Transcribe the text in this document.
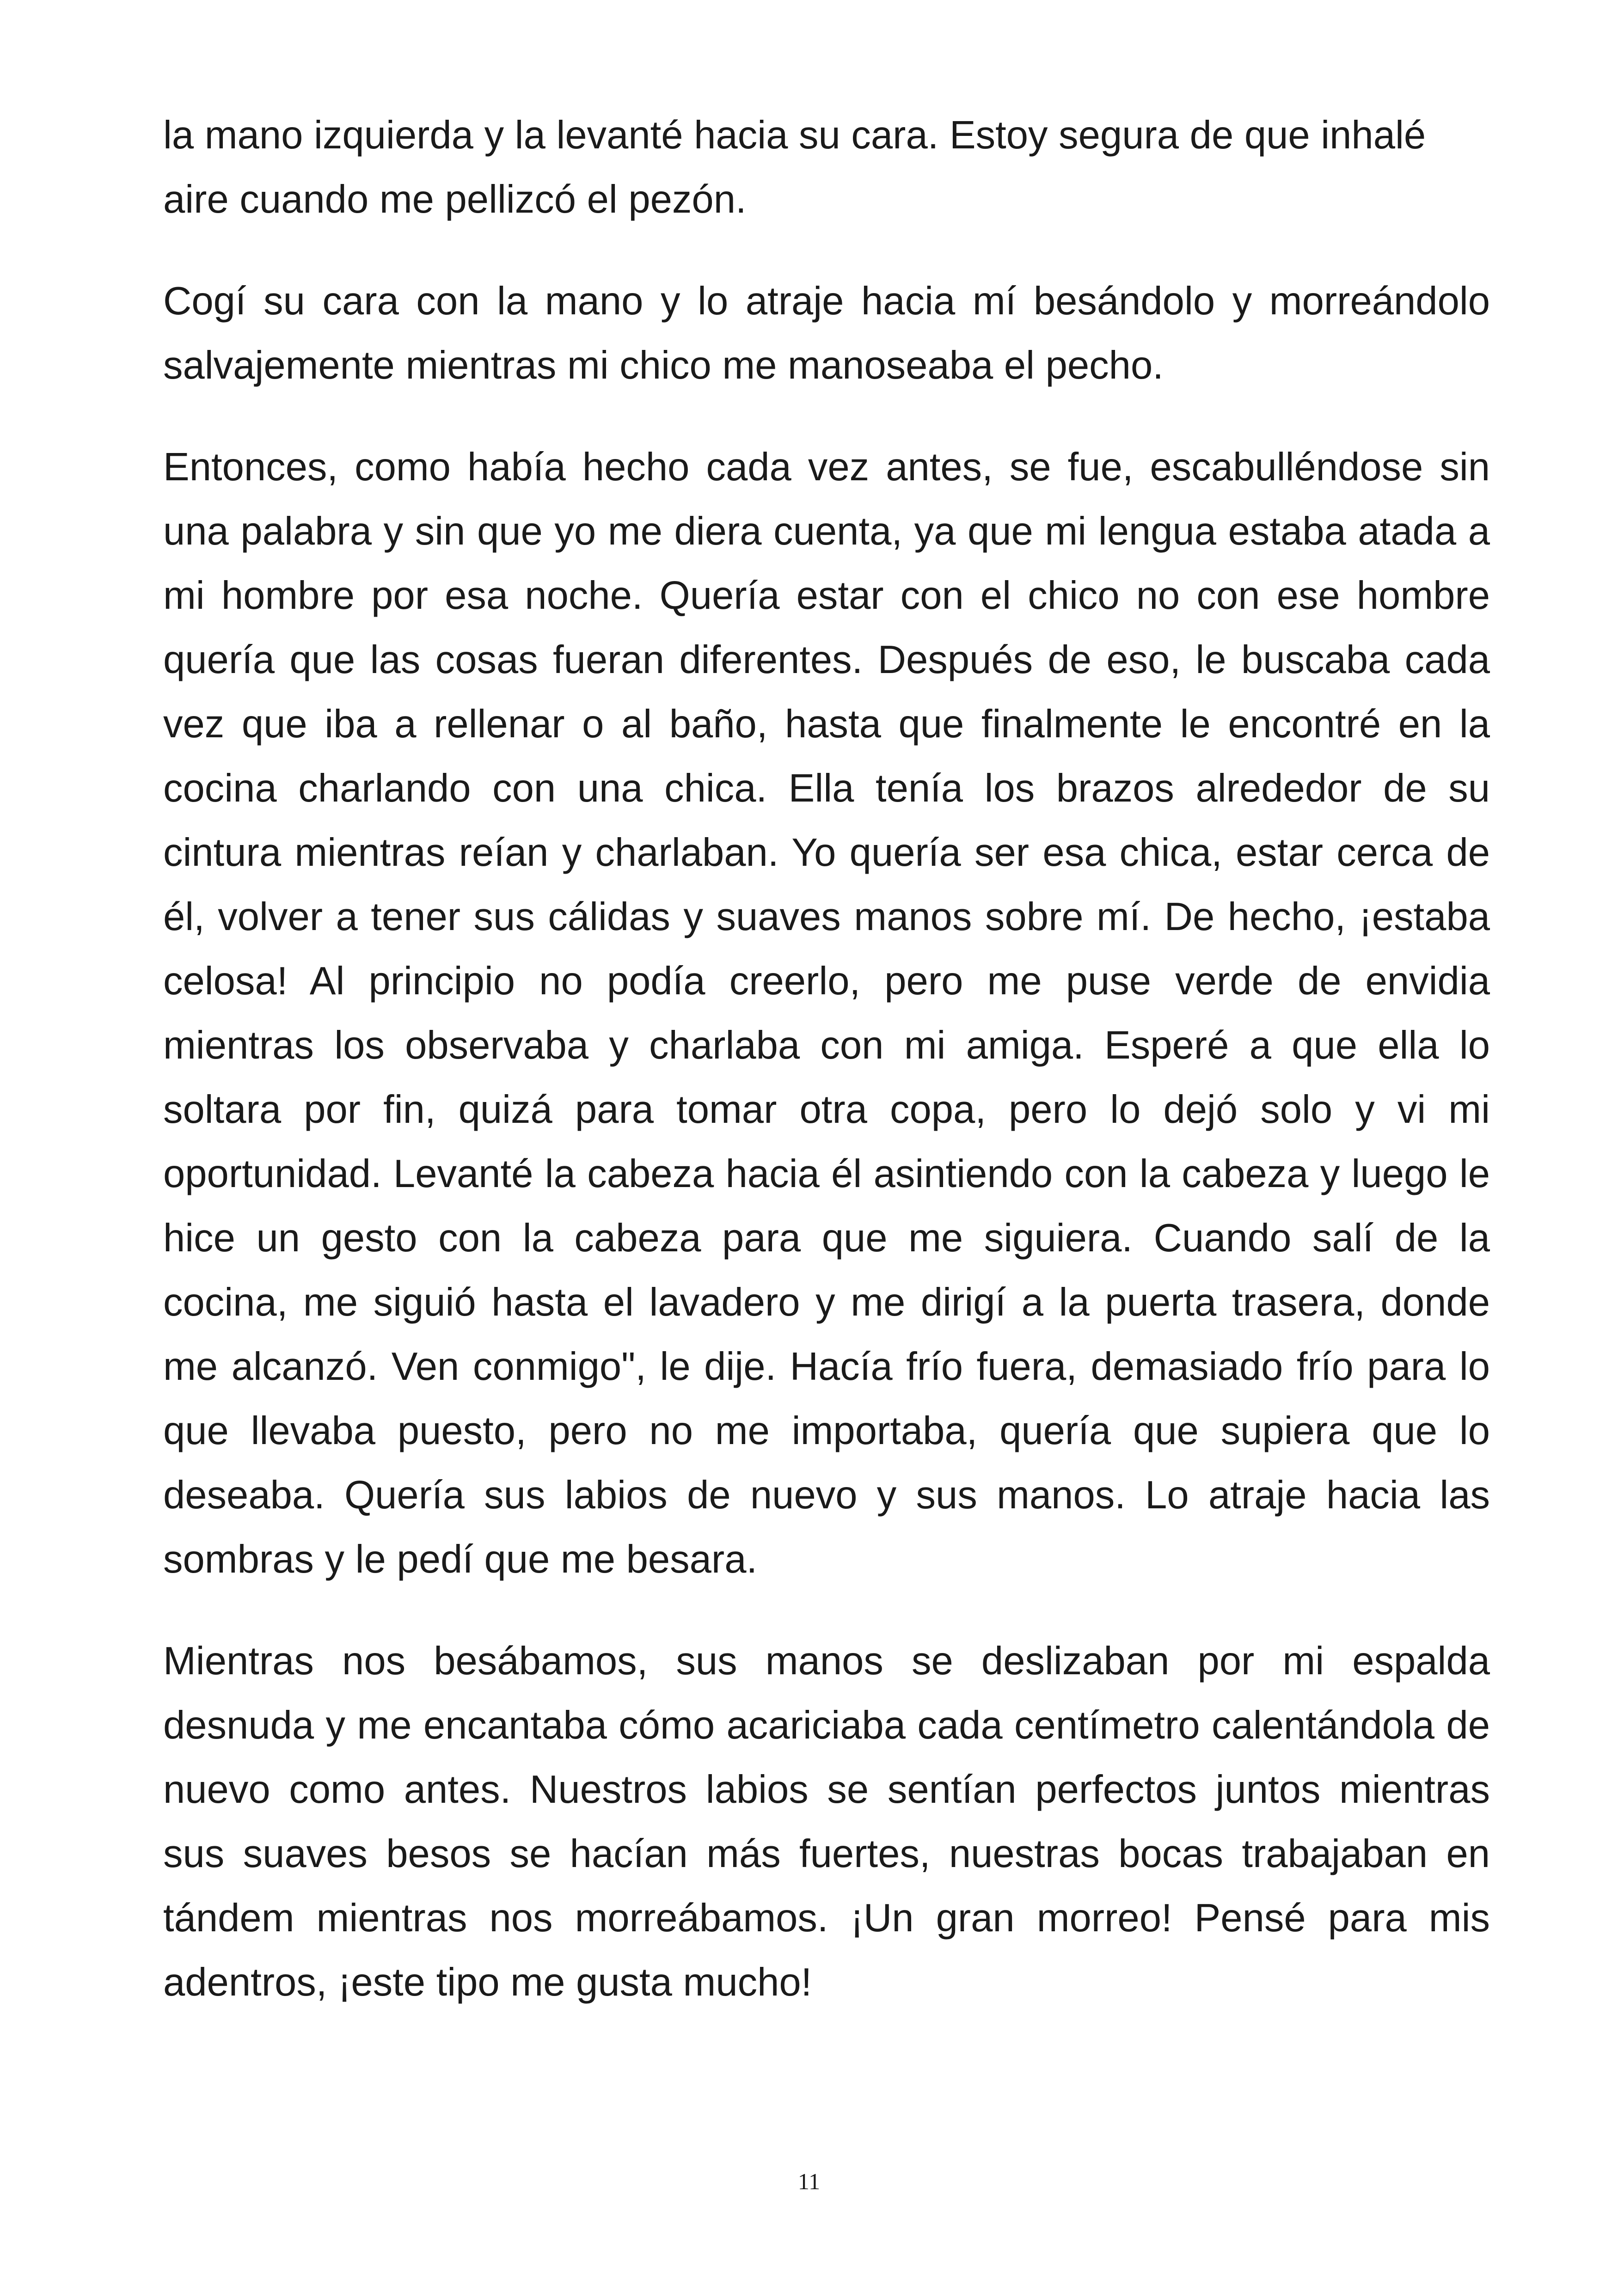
la mano izquierda y la levanté hacia su cara. Estoy segura de que inhalé aire cuando me pellizcó el pezón.

Cogí su cara con la mano y lo atraje hacia mí besándolo y morreándolo salvajemente mientras mi chico me manoseaba el pecho.

Entonces, como había hecho cada vez antes, se fue, escabulléndose sin una palabra y sin que yo me diera cuenta, ya que mi lengua estaba atada a mi hombre por esa noche. Quería estar con el chico no con ese hombre quería que las cosas fueran diferentes. Después de eso, le buscaba cada vez que iba a rellenar o al baño, hasta que finalmente le encontré en la cocina charlando con una chica. Ella tenía los brazos alrededor de su cintura mientras reían y charlaban. Yo quería ser esa chica, estar cerca de él, volver a tener sus cálidas y suaves manos sobre mí. De hecho, ¡estaba celosa! Al principio no podía creerlo, pero me puse verde de envidia mientras los observaba y charlaba con mi amiga. Esperé a que ella lo soltara por fin, quizá para tomar otra copa, pero lo dejó solo y vi mi oportunidad. Levanté la cabeza hacia él asintiendo con la cabeza y luego le hice un gesto con la cabeza para que me siguiera. Cuando salí de la cocina, me siguió hasta el lavadero y me dirigí a la puerta trasera, donde me alcanzó. Ven conmigo", le dije. Hacía frío fuera, demasiado frío para lo que llevaba puesto, pero no me importaba, quería que supiera que lo deseaba. Quería sus labios de nuevo y sus manos. Lo atraje hacia las sombras y le pedí que me besara.

Mientras nos besábamos, sus manos se deslizaban por mi espalda desnuda y me encantaba cómo acariciaba cada centímetro calentándola de nuevo como antes. Nuestros labios se sentían perfectos juntos mientras sus suaves besos se hacían más fuertes, nuestras bocas trabajaban en tándem mientras nos morreábamos. ¡Un gran morreo! Pensé para mis adentros, ¡este tipo me gusta mucho!

11
